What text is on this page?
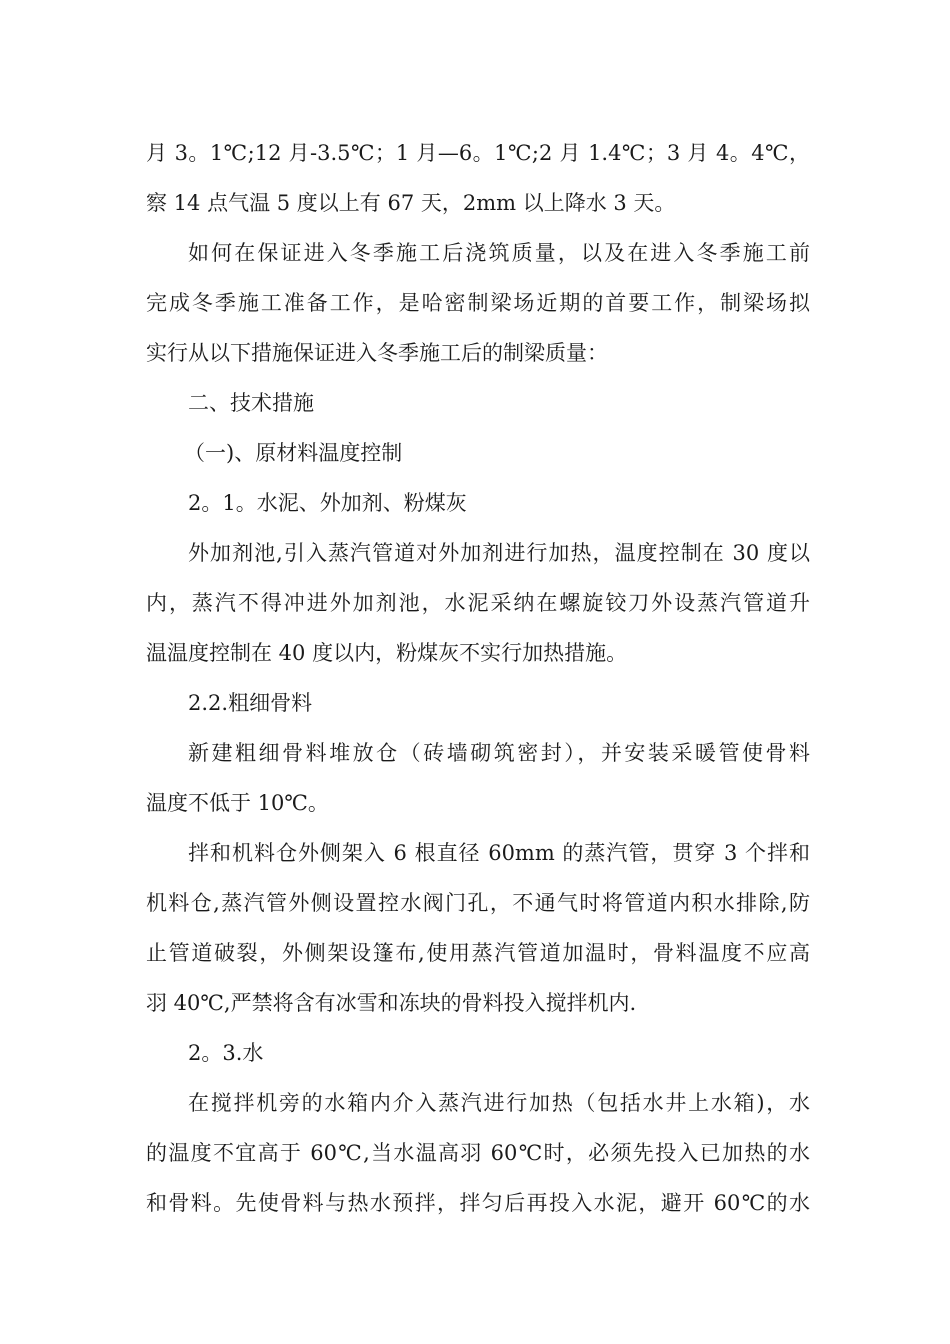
月 3。1℃;12 月-3.5℃；1 月—6。1℃;2 月 1.4℃；3 月 4。4℃，
察 14 点气温 5 度以上有 67 天，2mm 以上降水 3 天。
如何在保证进入冬季施工后浇筑质量，以及在进入冬季施工前
完成冬季施工准备工作，是哈密制梁场近期的首要工作，制梁场拟
实行从以下措施保证进入冬季施工后的制梁质量：
二、技术措施
（一)、原材料温度控制
2。1。水泥、外加剂、粉煤灰
外加剂池,引入蒸汽管道对外加剂进行加热，温度控制在 30 度以
内，蒸汽不得冲进外加剂池，水泥采纳在螺旋铰刀外设蒸汽管道升
温温度控制在 40 度以内，粉煤灰不实行加热措施。
2.2.粗细骨料
新建粗细骨料堆放仓（砖墙砌筑密封），并安装采暖管使骨料
温度不低于 10℃。
拌和机料仓外侧架入 6 根直径 60mm 的蒸汽管，贯穿 3 个拌和
机料仓,蒸汽管外侧设置控水阀门孔，不通气时将管道内积水排除,防
止管道破裂，外侧架设篷布,使用蒸汽管道加温时，骨料温度不应高
羽 40℃,严禁将含有冰雪和冻块的骨料投入搅拌机内.
2。3.水
在搅拌机旁的水箱内介入蒸汽进行加热（包括水井上水箱)，水
的温度不宜高于 60℃,当水温高羽 60℃时，必须先投入已加热的水
和骨料。先使骨料与热水预拌，拌匀后再投入水泥，避开 60℃的水
